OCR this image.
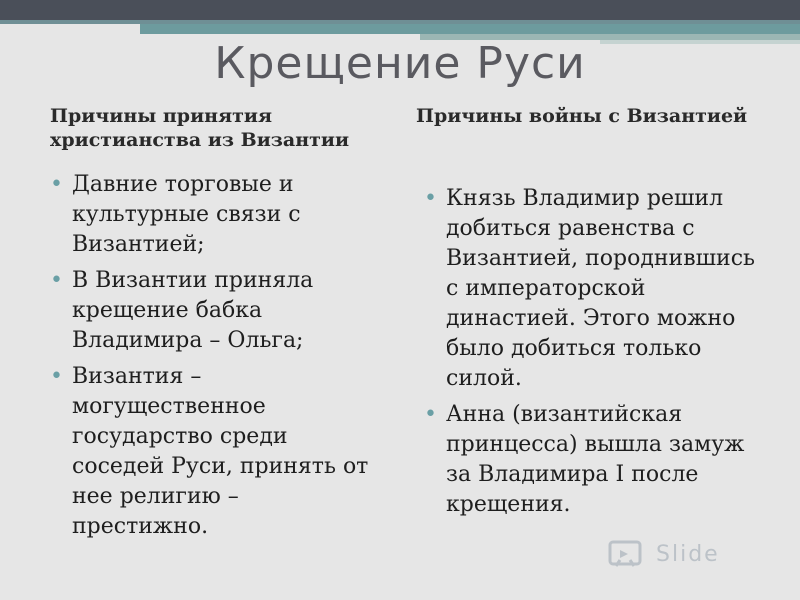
Крещение Руси
Причины принятия христианства из Византии
Причины войны с Византией
• Давние торговые и культурные связи с Византией;
• В Византии приняла крещение бабка Владимира – Ольга;
• Византия – могущественное государство среди соседей Руси, принять от нее религию – престижно.
• Князь Владимир решил добиться равенства с Византией, породнившись с императорской династией. Этого можно было добиться только силой.
• Анна (византийская принцесса) вышла замуж за Владимира I после крещения.
Slide
